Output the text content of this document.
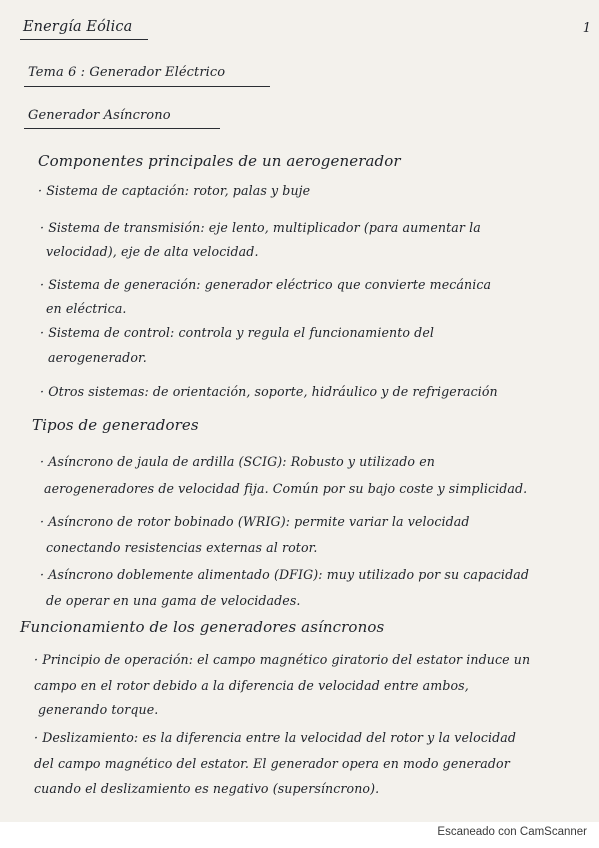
1
Energía Eólica
Tema 6 : Generador Eléctrico
Generador Asíncrono
Componentes principales de un aerogenerador
· Sistema de captación: rotor, palas y buje
· Sistema de transmisión: eje lento, multiplicador (para aumentar la
velocidad), eje de alta velocidad.
· Sistema de generación: generador eléctrico que convierte mecánica
en eléctrica.
· Sistema de control: controla y regula el funcionamiento del
aerogenerador.
· Otros sistemas: de orientación, soporte, hidráulico y de refrigeración
Tipos de generadores
· Asíncrono de jaula de ardilla (SCIG): Robusto y utilizado en
aerogeneradores de velocidad fija. Común por su bajo coste y simplicidad.
· Asíncrono de rotor bobinado (WRIG): permite variar la velocidad
conectando resistencias externas al rotor.
· Asíncrono doblemente alimentado (DFIG): muy utilizado por su capacidad
de operar en una gama de velocidades.
Funcionamiento de los generadores asíncronos
· Principio de operación: el campo magnético giratorio del estator induce un
campo en el rotor debido a la diferencia de velocidad entre ambos,
generando torque.
· Deslizamiento: es la diferencia entre la velocidad del rotor y la velocidad
del campo magnético del estator. El generador opera en modo generador
cuando el deslizamiento es negativo (supersíncrono).
Escaneado con CamScanner
